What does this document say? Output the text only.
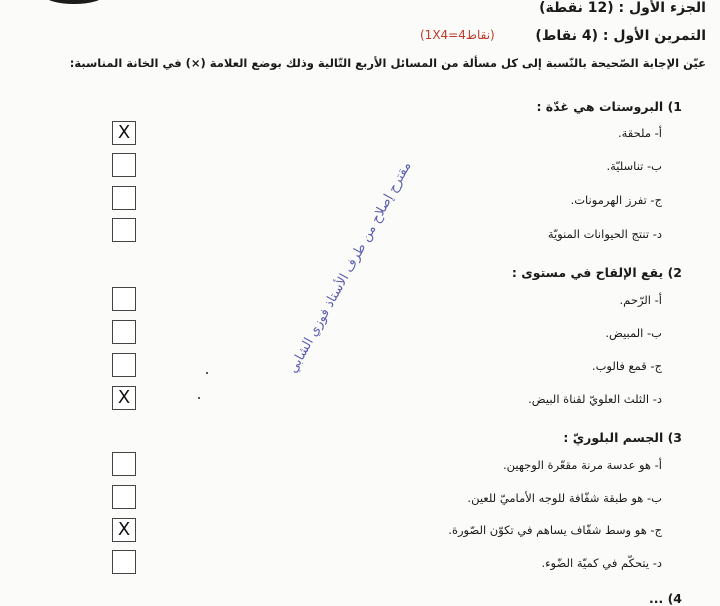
الجزء الأول : (12 نقطة)
التمرين الأول : (4 نقاط)
(1X4=4نقاط)
عيّن الإجابة الصّحيحة بالنّسبة إلى كل مسألة من المسائل الأربع التّالية وذلك بوضع العلامة (×) في الخانة المناسبة:
1) البروستات هي غدّة :
أ- ملحقة.
ب- تناسليّة.
ج- تفرز الهرمونات.
د- تنتج الحيوانات المنويّة
X
2) يقع الإلقاح في مستوى :
أ- الرّحم.
ب- المبيض.
ج- قمع فالوب.
د- الثلث العلويّ لقناة البيض.
X
3) الجسم البلوريّ :
أ- هو عدسة مرنة مقعّرة الوجهين.
ب- هو طبقة شفّافة للوجه الأماميّ للعين.
ج- هو وسط شفّاف يساهم في تكوّن الصّورة.
د- يتحكّم في كميّة الضّوء.
X
4) ...
مقترح إصلاح من طرف الأستاذ فوزي الشابي
